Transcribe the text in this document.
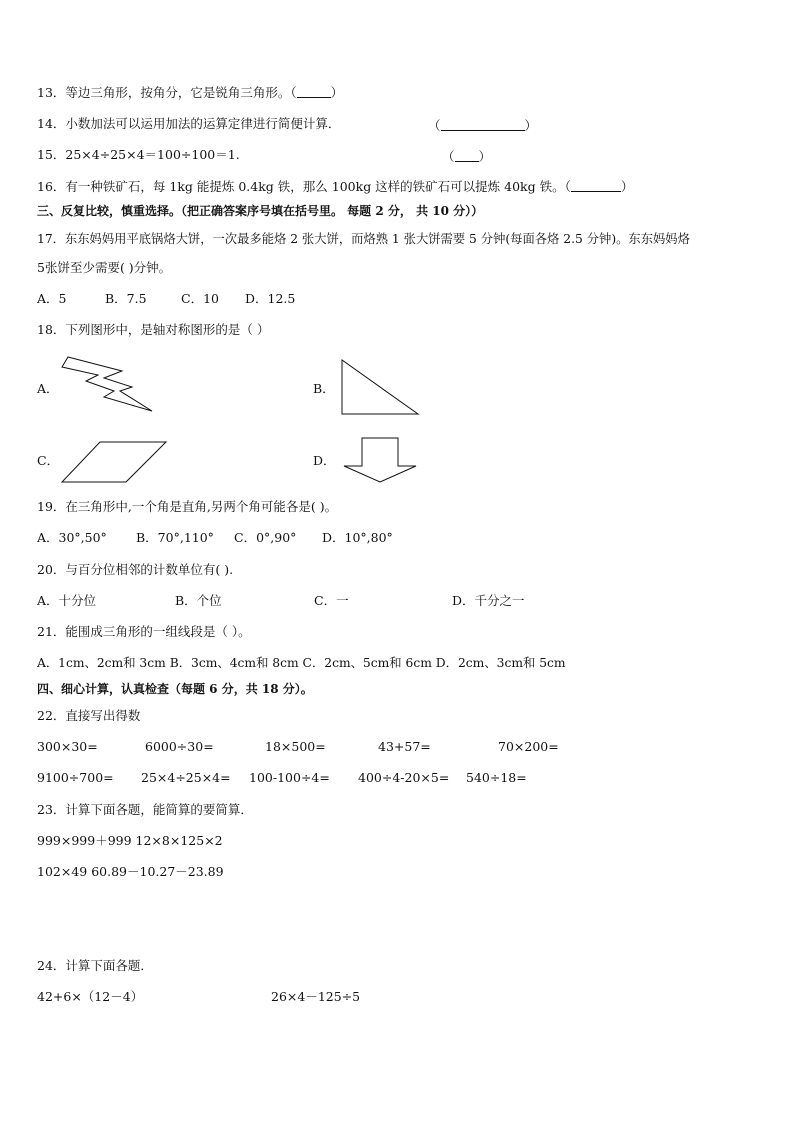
13．等边三角形，按角分，它是锐角三角形。（	）
14．小数加法可以运用加法的运算定律进行简便计算．	（	）
15．25×4÷25×4＝100÷100＝1.	（ ）
16．有一种铁矿石，每 1kg 能提炼 0.4kg 铁，那么 100kg 这样的铁矿石可以提炼 40kg 铁。（	）
三、反复比较，慎重选择。（把正确答案序号填在括号里。 每题 2 分， 共 10 分））
17．东东妈妈用平底锅烙大饼，一次最多能烙 2 张大饼，而烙熟 1 张大饼需要 5 分钟(每面各烙 2.5 分钟)。东东妈妈烙
5张饼至少需要( )分钟。
A．5	B．7.5	C．10 D．12.5
18．下列图形中，是轴对称图形的是（ ）
A．	B．
C．	D．
19．在三角形中,一个角是直角,另两个角可能各是( )。
A．30°,50° B．70°,110° C．0°,90° D．10°,80°
20．与百分位相邻的计数单位有( ).
A．十分位	B．个位	C．一	D．千分之一
21．能围成三角形的一组线段是（ ）。
A．1cm、2cm和 3cm B．3cm、4cm和 8cm C．2cm、5cm和 6cm D．2cm、3cm和 5cm
四、细心计算，认真检查（每题 6 分，共 18 分）。
22．直接写出得数
300×30=	6000÷30=	18×500=	43+57=	70×200=
9100÷700= 25×4÷25×4= 100-100÷4= 400÷4-20×5= 540÷18=
23．计算下面各题，能简算的要简算．
999×999＋999 12×8×125×2
102×49 60.89－10.27－23.89
24．计算下面各题．
42+6×（12－4）	26×4－125÷5
